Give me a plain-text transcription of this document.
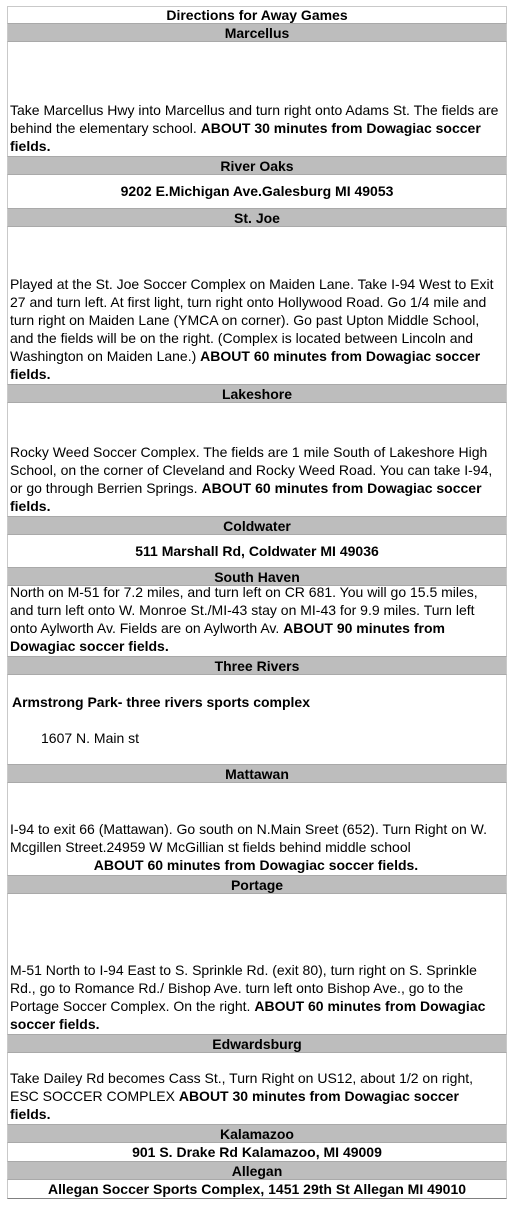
Directions for Away Games
Marcellus

Take Marcellus Hwy into Marcellus and turn right onto Adams St. The fields are behind the elementary school. ABOUT 30 minutes from Dowagiac soccer fields.

River Oaks

9202 E.Michigan Ave.Galesburg MI 49053

St. Joe

Played at the St. Joe Soccer Complex on Maiden Lane. Take I-94 West to Exit 27 and turn left. At first light, turn right onto Hollywood Road. Go 1/4 mile and turn right on Maiden Lane (YMCA on corner). Go past Upton Middle School, and the fields will be on the right. (Complex is located between Lincoln and Washington on Maiden Lane.) ABOUT 60 minutes from Dowagiac soccer fields.

Lakeshore

Rocky Weed Soccer Complex. The fields are 1 mile South of Lakeshore High School, on the corner of Cleveland and Rocky Weed Road. You can take I-94, or go through Berrien Springs. ABOUT 60 minutes from Dowagiac soccer fields.

Coldwater

511 Marshall Rd, Coldwater MI 49036

South Haven

North on M-51 for 7.2 miles, and turn left on CR 681. You will go 15.5 miles, and turn left onto W. Monroe St./MI-43 stay on MI-43 for 9.9 miles. Turn left onto Aylworth Av. Fields are on Aylworth Av. ABOUT 90 minutes from Dowagiac soccer fields.

Three Rivers

Armstrong Park- three rivers sports complex

1607 N. Main st

Mattawan

I-94 to exit 66 (Mattawan). Go south on N.Main Sreet (652). Turn Right on W. Mcgillen Street.24959 W McGillian st fields behind middle school

ABOUT 60 minutes from Dowagiac soccer fields.

Portage

M-51 North to I-94 East to S. Sprinkle Rd. (exit 80), turn right on S. Sprinkle Rd., go to Romance Rd./ Bishop Ave. turn left onto Bishop Ave., go to the Portage Soccer Complex. On the right. ABOUT 60 minutes from Dowagiac soccer fields.

Edwardsburg

Take Dailey Rd becomes Cass St., Turn Right on US12, about 1/2 on right, ESC SOCCER COMPLEX ABOUT 30 minutes from Dowagiac soccer fields.

Kalamazoo

901 S. Drake Rd Kalamazoo, MI 49009

Allegan

Allegan Soccer Sports Complex, 1451 29th St Allegan MI 49010
